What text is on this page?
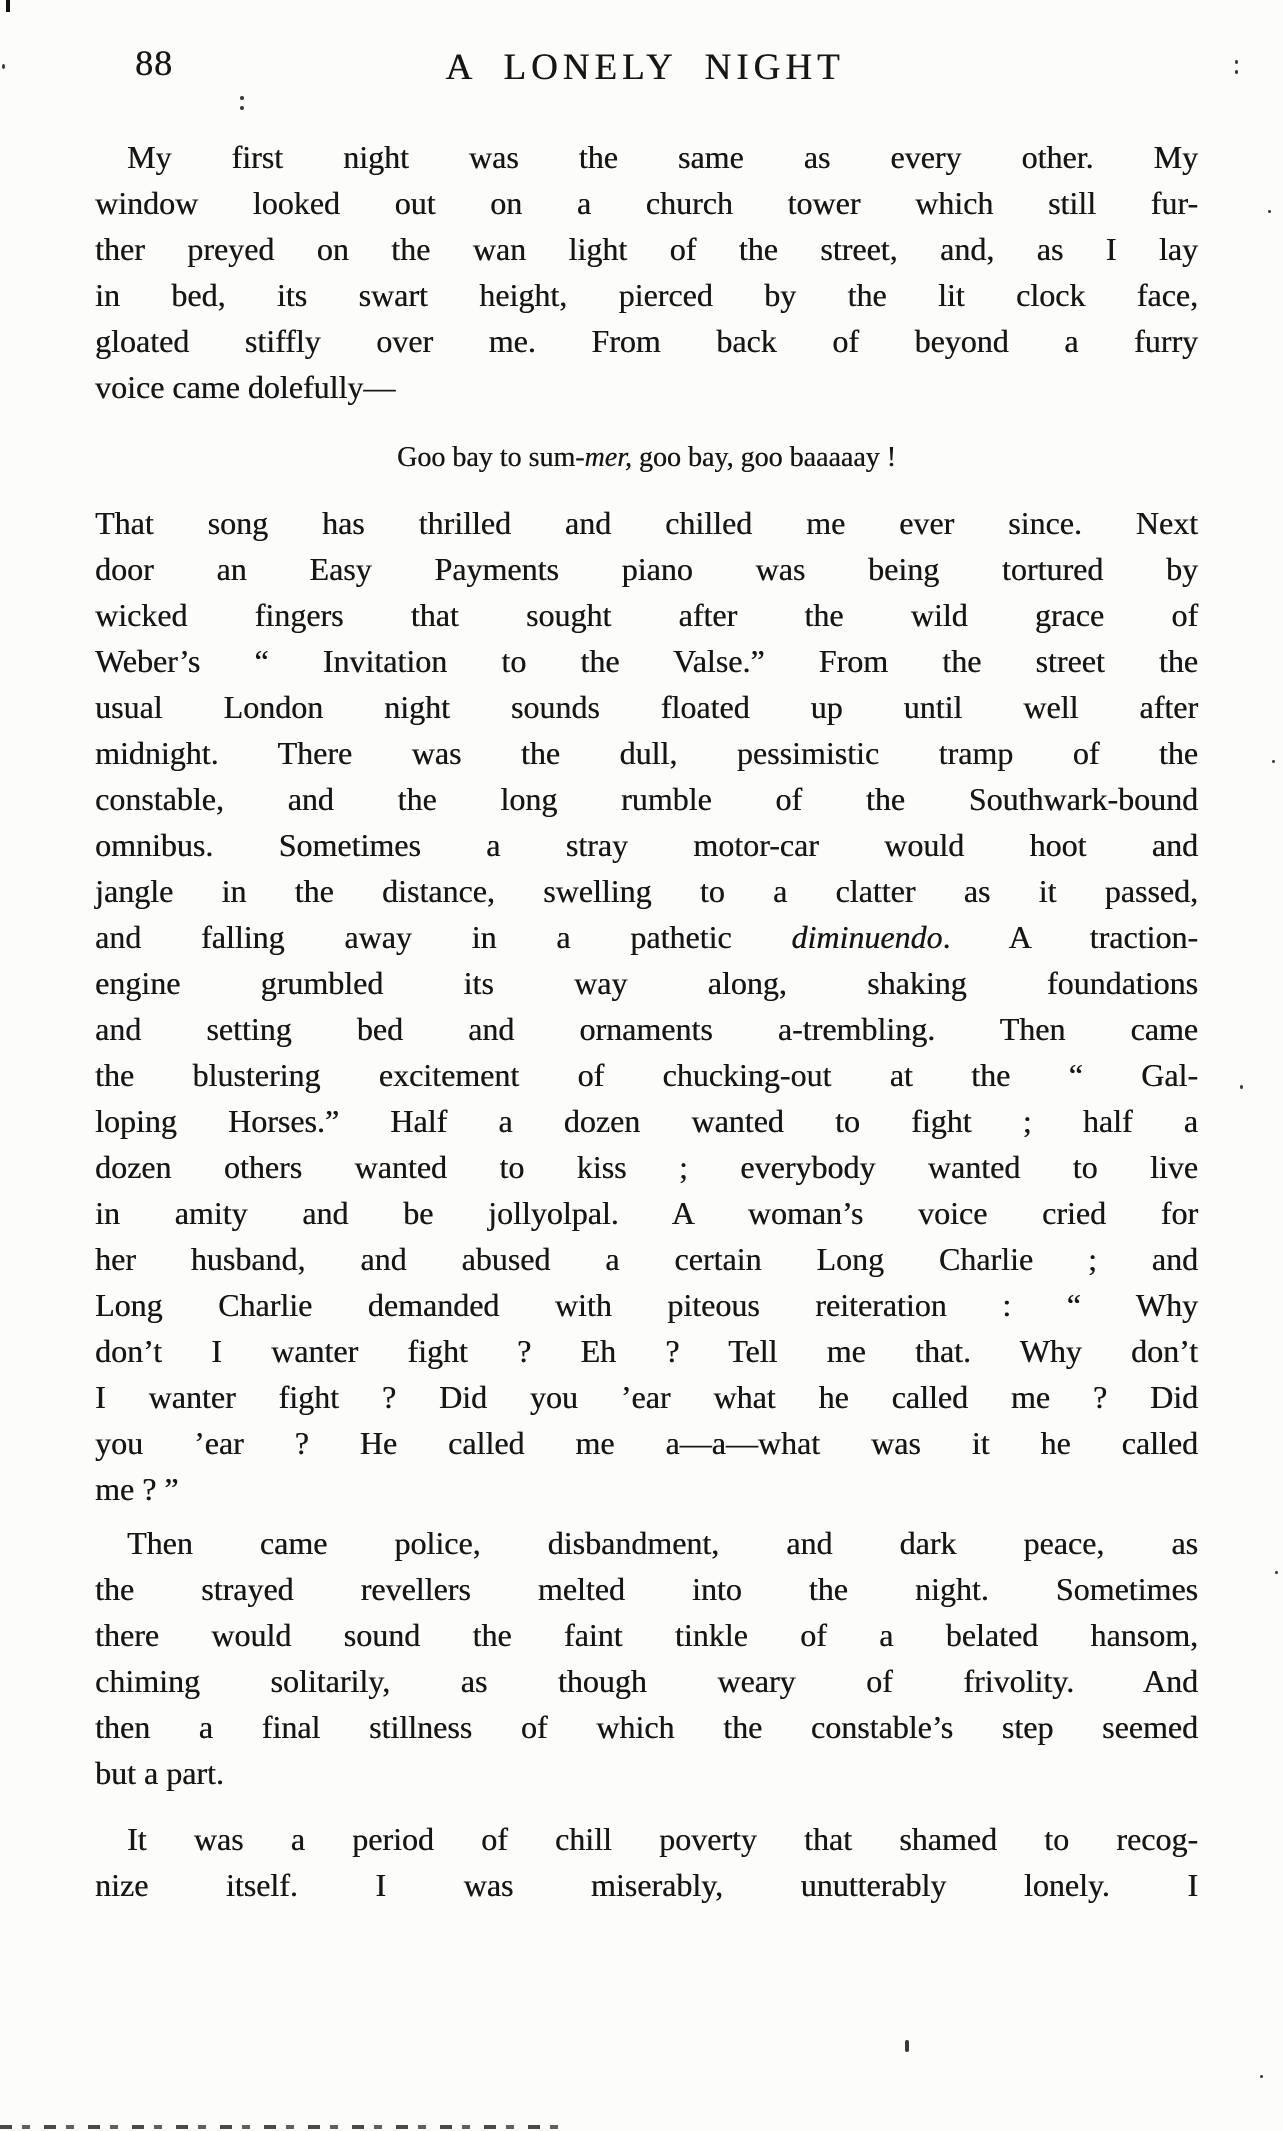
88	A LONELY NIGHT
My first night was the same as every other. My
window looked out on a church tower which still fur-
ther preyed on the wan light of the street, and, as I lay
in bed, its swart height, pierced by the lit clock face,
gloated stiffly over me. From back of beyond a furry
voice came dolefully—
Goo bay to sum-mer, goo bay, goo baaaaay !
That song has thrilled and chilled me ever since. Next
door an Easy Payments piano was being tortured by
wicked fingers that sought after the wild grace of
Weber’s “ Invitation to the Valse.” From the street the
usual London night sounds floated up until well after
midnight. There was the dull, pessimistic tramp of the
constable, and the long rumble of the Southwark-bound
omnibus. Sometimes a stray motor-car would hoot and
jangle in the distance, swelling to a clatter as it passed,
and falling away in a pathetic diminuendo. A traction-
engine grumbled its way along, shaking foundations
and setting bed and ornaments a-trembling. Then came
the blustering excitement of chucking-out at the “ Gal-
loping Horses.” Half a dozen wanted to fight ; half a
dozen others wanted to kiss ; everybody wanted to live
in amity and be jollyolpal. A woman’s voice cried for
her husband, and abused a certain Long Charlie ; and
Long Charlie demanded with piteous reiteration : “ Why
don’t I wanter fight ? Eh ? Tell me that. Why don’t
I wanter fight ? Did you ’ear what he called me ? Did
you ’ear ? He called me a—a—what was it he called
me ? ”
Then came police, disbandment, and dark peace, as
the strayed revellers melted into the night. Sometimes
there would sound the faint tinkle of a belated hansom,
chiming solitarily, as though weary of frivolity. And
then a final stillness of which the constable’s step seemed
but a part.
It was a period of chill poverty that shamed to recog-
nize itself. I was miserably, unutterably lonely. I
